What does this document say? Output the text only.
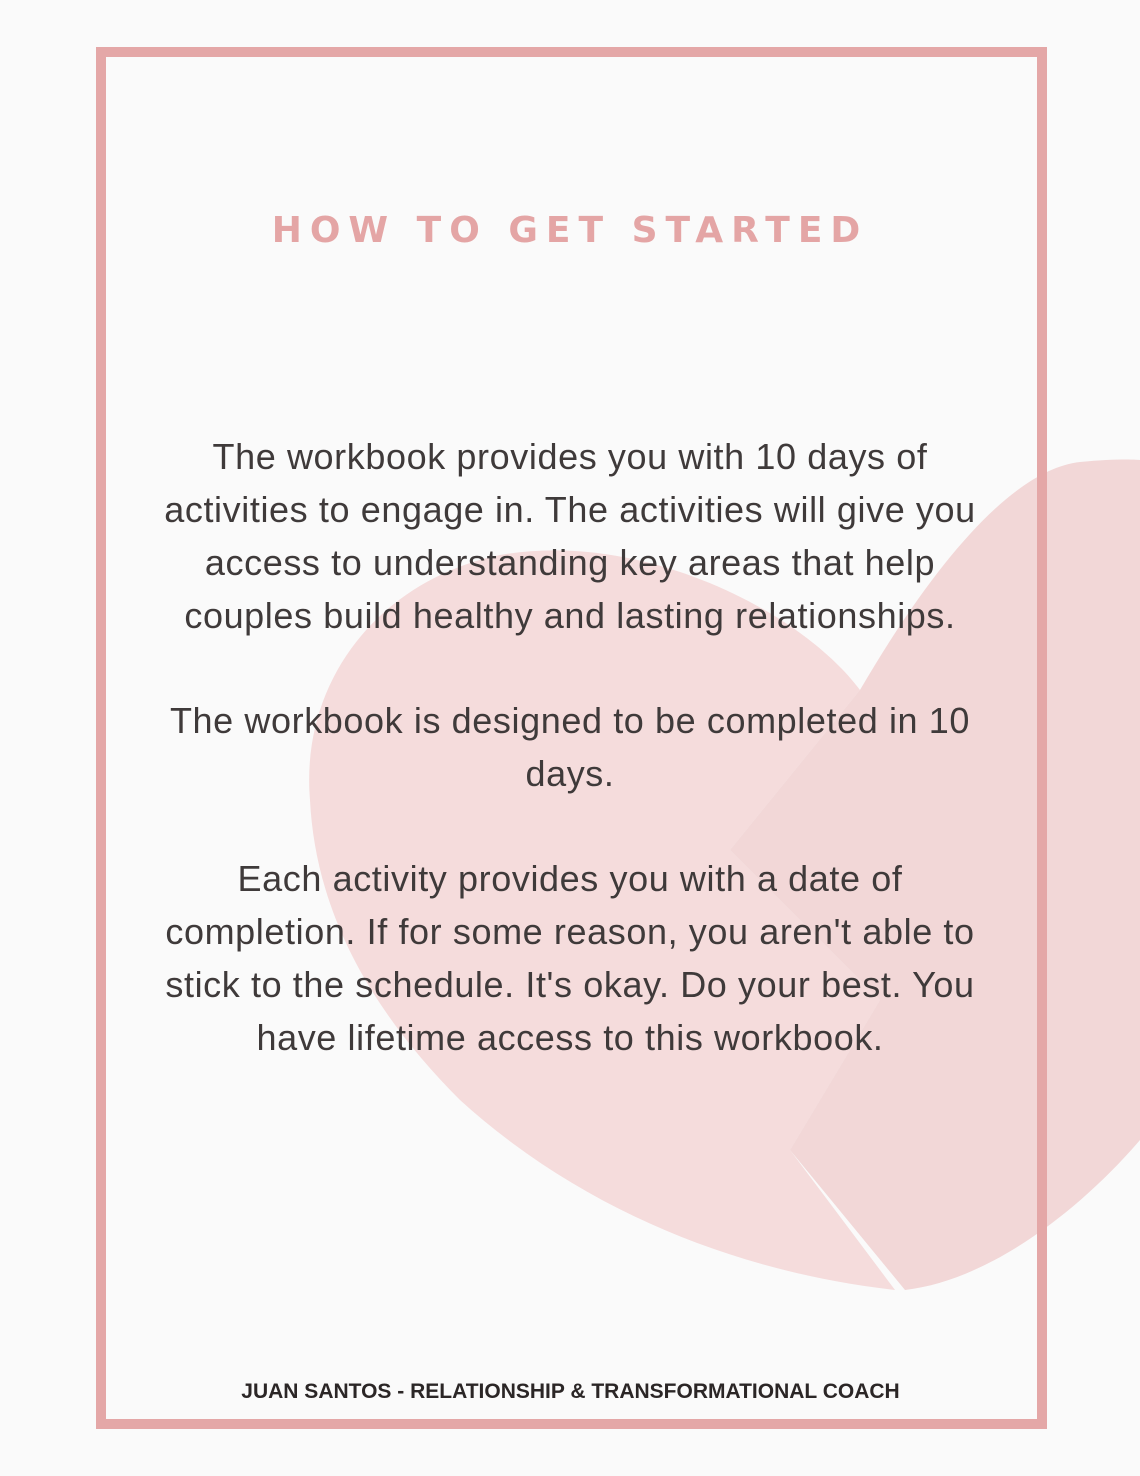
HOW TO GET STARTED

The workbook provides you with 10 days of activities to engage in. The activities will give you access to understanding key areas that help couples build healthy and lasting relationships.

The workbook is designed to be completed in 10 days.

Each activity provides you with a date of completion. If for some reason, you aren't able to stick to the schedule. It's okay. Do your best. You have lifetime access to this workbook.

JUAN SANTOS - RELATIONSHIP & TRANSFORMATIONAL COACH
